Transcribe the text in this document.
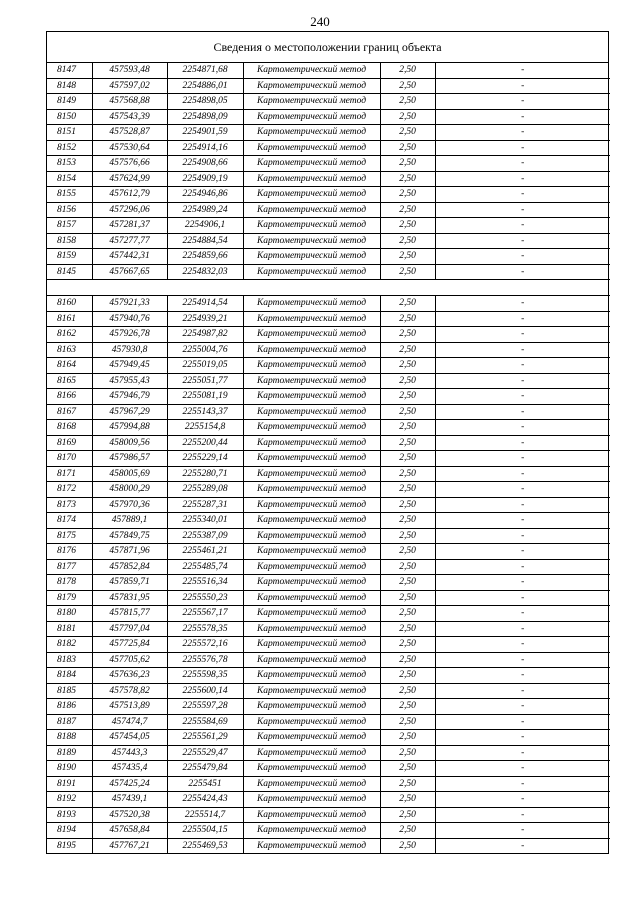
240
Сведения о местоположении границ объекта
8147	457593,48	2254871,68	Картометрический метод	2,50	-
8148	457597,02	2254886,01	Картометрический метод	2,50	-
8149	457568,88	2254898,05	Картометрический метод	2,50	-
8150	457543,39	2254898,09	Картометрический метод	2,50	-
8151	457528,87	2254901,59	Картометрический метод	2,50	-
8152	457530,64	2254914,16	Картометрический метод	2,50	-
8153	457576,66	2254908,66	Картометрический метод	2,50	-
8154	457624,99	2254909,19	Картометрический метод	2,50	-
8155	457612,79	2254946,86	Картометрический метод	2,50	-
8156	457296,06	2254989,24	Картометрический метод	2,50	-
8157	457281,37	2254906,1	Картометрический метод	2,50	-
8158	457277,77	2254884,54	Картометрический метод	2,50	-
8159	457442,31	2254859,66	Картометрический метод	2,50	-
8145	457667,65	2254832,03	Картометрический метод	2,50	-

8160	457921,33	2254914,54	Картометрический метод	2,50	-
8161	457940,76	2254939,21	Картометрический метод	2,50	-
8162	457926,78	2254987,82	Картометрический метод	2,50	-
8163	457930,8	2255004,76	Картометрический метод	2,50	-
8164	457949,45	2255019,05	Картометрический метод	2,50	-
8165	457955,43	2255051,77	Картометрический метод	2,50	-
8166	457946,79	2255081,19	Картометрический метод	2,50	-
8167	457967,29	2255143,37	Картометрический метод	2,50	-
8168	457994,88	2255154,8	Картометрический метод	2,50	-
8169	458009,56	2255200,44	Картометрический метод	2,50	-
8170	457986,57	2255229,14	Картометрический метод	2,50	-
8171	458005,69	2255280,71	Картометрический метод	2,50	-
8172	458000,29	2255289,08	Картометрический метод	2,50	-
8173	457970,36	2255287,31	Картометрический метод	2,50	-
8174	457889,1	2255340,01	Картометрический метод	2,50	-
8175	457849,75	2255387,09	Картометрический метод	2,50	-
8176	457871,96	2255461,21	Картометрический метод	2,50	-
8177	457852,84	2255485,74	Картометрический метод	2,50	-
8178	457859,71	2255516,34	Картометрический метод	2,50	-
8179	457831,95	2255550,23	Картометрический метод	2,50	-
8180	457815,77	2255567,17	Картометрический метод	2,50	-
8181	457797,04	2255578,35	Картометрический метод	2,50	-
8182	457725,84	2255572,16	Картометрический метод	2,50	-
8183	457705,62	2255576,78	Картометрический метод	2,50	-
8184	457636,23	2255598,35	Картометрический метод	2,50	-
8185	457578,82	2255600,14	Картометрический метод	2,50	-
8186	457513,89	2255597,28	Картометрический метод	2,50	-
8187	457474,7	2255584,69	Картометрический метод	2,50	-
8188	457454,05	2255561,29	Картометрический метод	2,50	-
8189	457443,3	2255529,47	Картометрический метод	2,50	-
8190	457435,4	2255479,84	Картометрический метод	2,50	-
8191	457425,24	2255451	Картометрический метод	2,50	-
8192	457439,1	2255424,43	Картометрический метод	2,50	-
8193	457520,38	2255514,7	Картометрический метод	2,50	-
8194	457658,84	2255504,15	Картометрический метод	2,50	-
8195	457767,21	2255469,53	Картометрический метод	2,50	-
